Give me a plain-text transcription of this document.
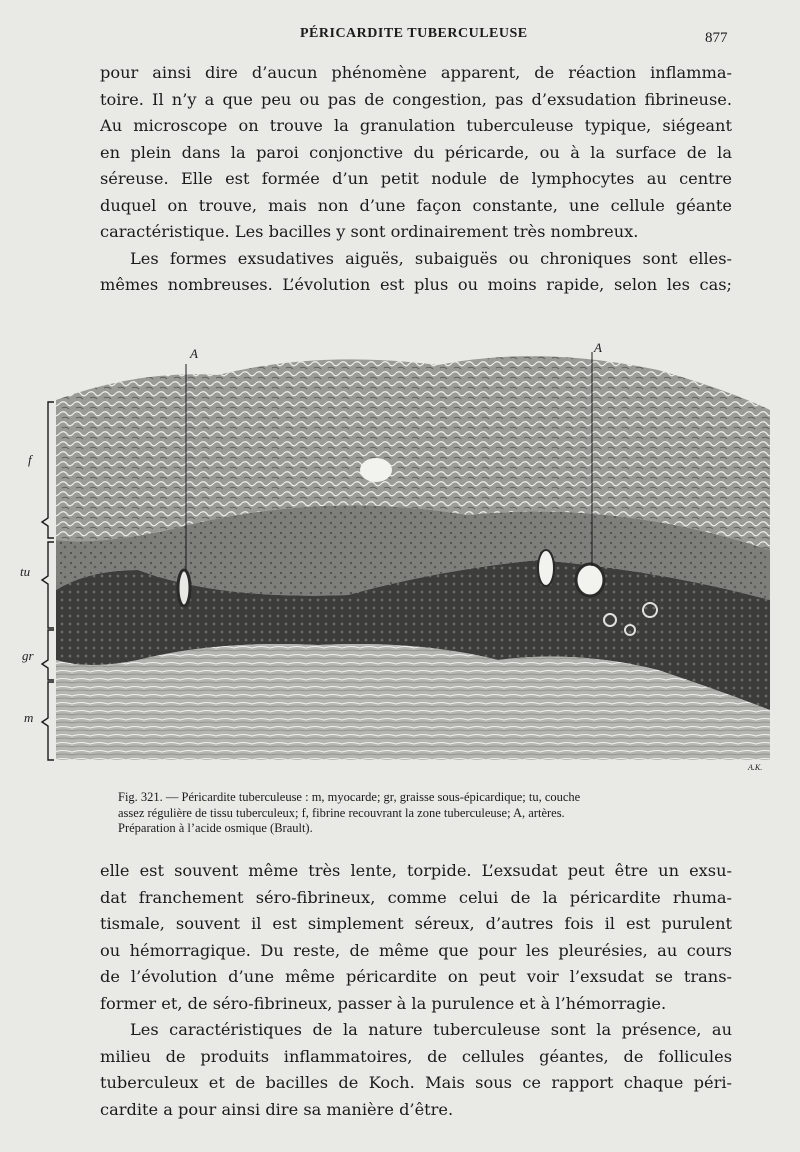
PÉRICARDITE TUBERCULEUSE	877
pour ainsi dire d’aucun phénomène apparent, de réaction inflamma-
toire. Il n’y a que peu ou pas de congestion, pas d’exsudation fibrineuse.
Au microscope on trouve la granulation tuberculeuse typique, siégeant
en plein dans la paroi conjonctive du péricarde, ou à la surface de la
séreuse. Elle est formée d’un petit nodule de lymphocytes au centre
duquel on trouve, mais non d’une façon constante, une cellule géante
caractéristique. Les bacilles y sont ordinairement très nombreux.
Les formes exsudatives aiguës, subaiguës ou chroniques sont elles-
mêmes nombreuses. L’évolution est plus ou moins rapide, selon les cas;
f
tu
gr
m
A	A
A.K.
Fig. 321. — Péricardite tuberculeuse : m, myocarde; gr, graisse sous-épicardique; tu, couche
assez régulière de tissu tuberculeux; f, fibrine recouvrant la zone tuberculeuse; A, artères.
Préparation à l’acide osmique (Brault).
elle est souvent même très lente, torpide. L’exsudat peut être un exsu-
dat franchement séro-fibrineux, comme celui de la péricardite rhuma-
tismale, souvent il est simplement séreux, d’autres fois il est purulent
ou hémorragique. Du reste, de même que pour les pleurésies, au cours
de l’évolution d’une même péricardite on peut voir l’exsudat se trans-
former et, de séro-fibrineux, passer à la purulence et à l’hémorragie.
Les caractéristiques de la nature tuberculeuse sont la présence, au
milieu de produits inflammatoires, de cellules géantes, de follicules
tuberculeux et de bacilles de Koch. Mais sous ce rapport chaque péri-
cardite a pour ainsi dire sa manière d’être.
